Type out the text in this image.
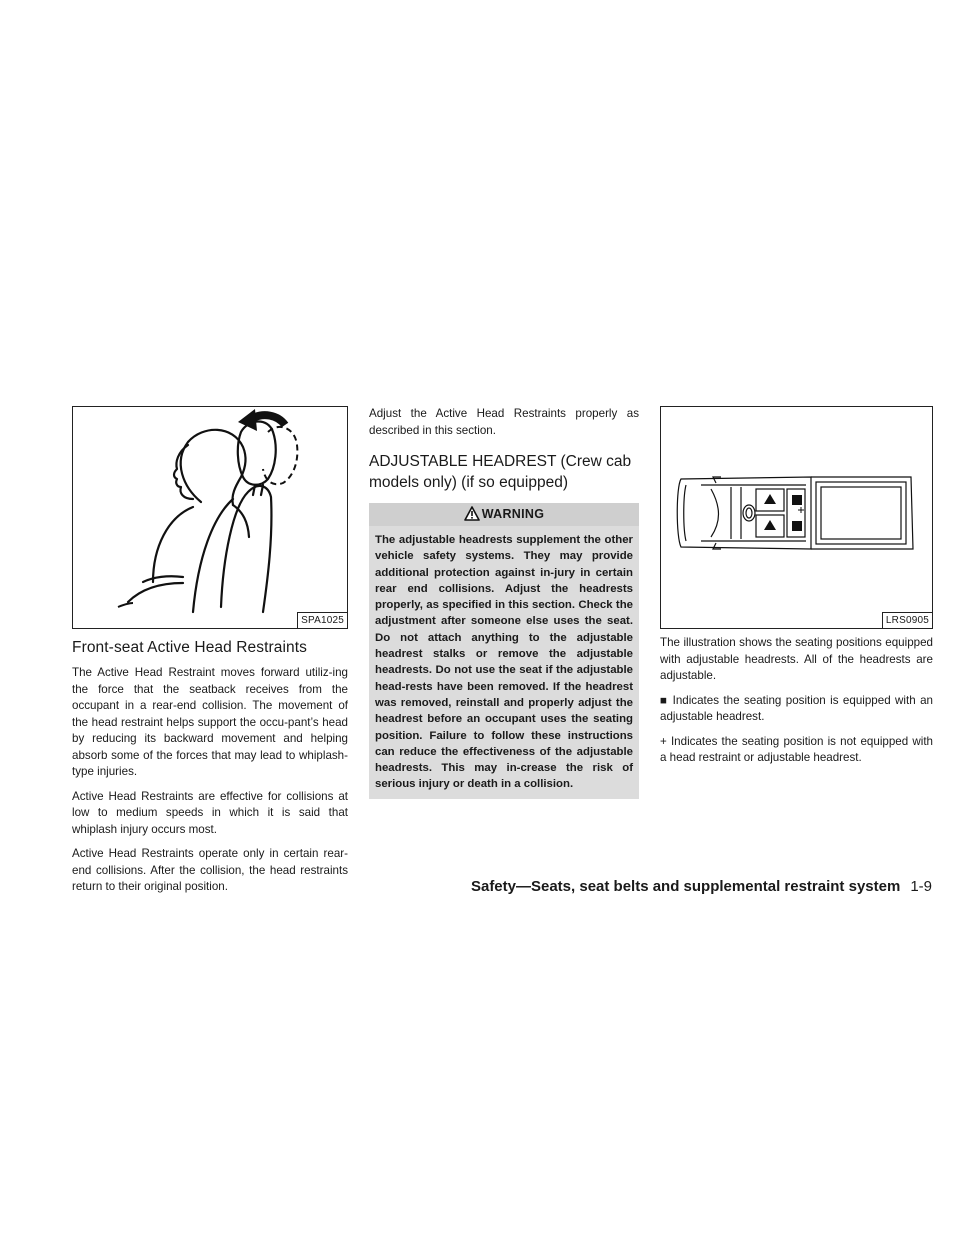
SPA1025
Front-seat Active Head Restraints

The Active Head Restraint moves forward utiliz-ing the force that the seatback receives from the occupant in a rear-end collision. The movement of the head restraint helps support the occu-pant’s head by reducing its backward movement and helping absorb some of the forces that may lead to whiplash-type injuries.

Active Head Restraints are effective for collisions at low to medium speeds in which it is said that whiplash injury occurs most.

Active Head Restraints operate only in certain rear-end collisions. After the collision, the head restraints return to their original position.

Adjust the Active Head Restraints properly as described in this section.

ADJUSTABLE HEADREST (Crew cab models only) (if so equipped)
WARNING
The adjustable headrests supplement the other vehicle safety systems. They may provide additional protection against in-jury in certain rear end collisions. Adjust the headrests properly, as specified in this section. Check the adjustment after someone else uses the seat. Do not attach anything to the adjustable headrest stalks or remove the adjustable headrests. Do not use the seat if the adjustable head-rests have been removed. If the headrest was removed, reinstall and properly adjust the headrest before an occupant uses the seating position. Failure to follow these instructions can reduce the effectiveness of the adjustable headrests. This may in-crease the risk of serious injury or death in a collision.
LRS0905

The illustration shows the seating positions equipped with adjustable headrests. All of the headrests are adjustable.

■ Indicates the seating position is equipped with an adjustable headrest.

+ Indicates the seating position is not equipped with a head restraint or adjustable headrest.

Safety—Seats, seat belts and supplemental restraint system 1-9
